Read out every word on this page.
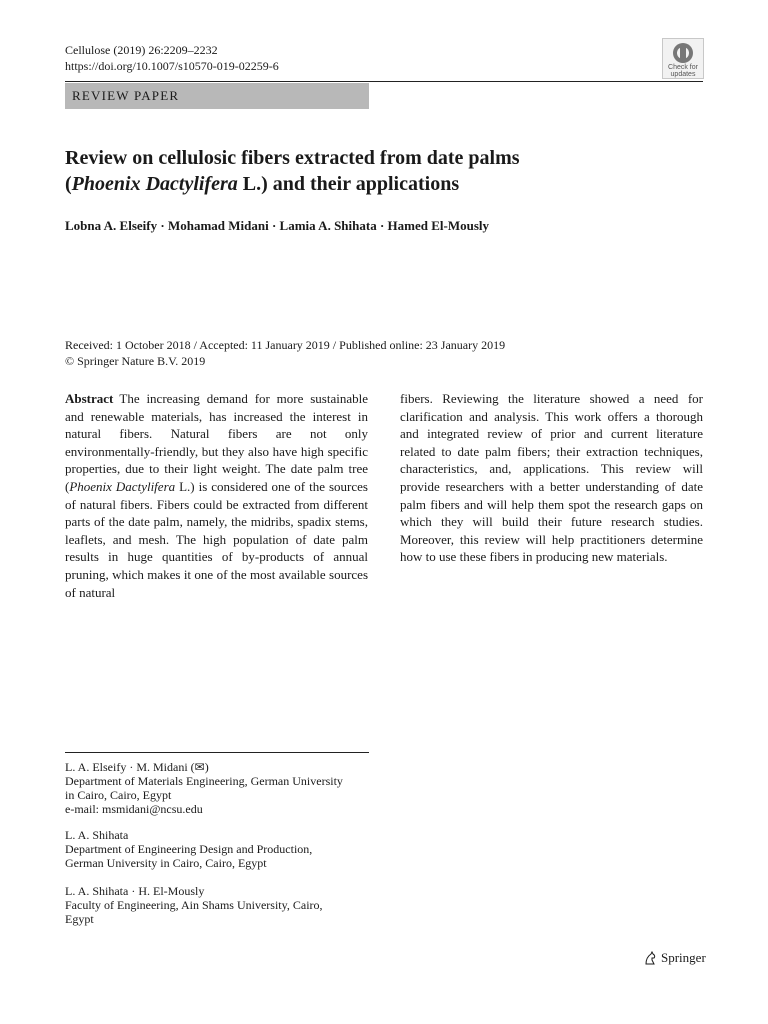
Cellulose (2019) 26:2209–2232
https://doi.org/10.1007/s10570-019-02259-6	Check for
updates
REVIEW PAPER
Review on cellulosic fibers extracted from date palms
(Phoenix Dactylifera L.) and their applications
Lobna A. Elseify · Mohamad Midani · Lamia A. Shihata · Hamed El-Mously
Received: 1 October 2018 / Accepted: 11 January 2019 / Published online: 23 January 2019
© Springer Nature B.V. 2019

Abstract The increasing demand for more sustainable and renewable materials, has increased the interest in natural fibers. Natural fibers are not only environmentally-friendly, but they also have high specific properties, due to their light weight. The date palm tree (Phoenix Dactylifera L.) is considered one of the sources of natural fibers. Fibers could be extracted from different parts of the date palm, namely, the midribs, spadix stems, leaflets, and mesh. The high population of date palm results in huge quantities of by-products of annual pruning, which makes it one of the most available sources of natural

fibers. Reviewing the literature showed a need for clarification and analysis. This work offers a thorough and integrated review of prior and current literature related to date palm fibers; their extraction techniques, characteristics, and, applications. This review will provide researchers with a better understanding of date palm fibers and will help them spot the research gaps on which they will build their future research studies. Moreover, this review will help practitioners determine how to use these fibers in producing new materials.

L. A. Elseify · M. Midani (✉)
Department of Materials Engineering, German University
in Cairo, Cairo, Egypt
e-mail: msmidani@ncsu.edu
L. A. Shihata
Department of Engineering Design and Production,
German University in Cairo, Cairo, Egypt
L. A. Shihata · H. El-Mously
Faculty of Engineering, Ain Shams University, Cairo,
Egypt
Springer
